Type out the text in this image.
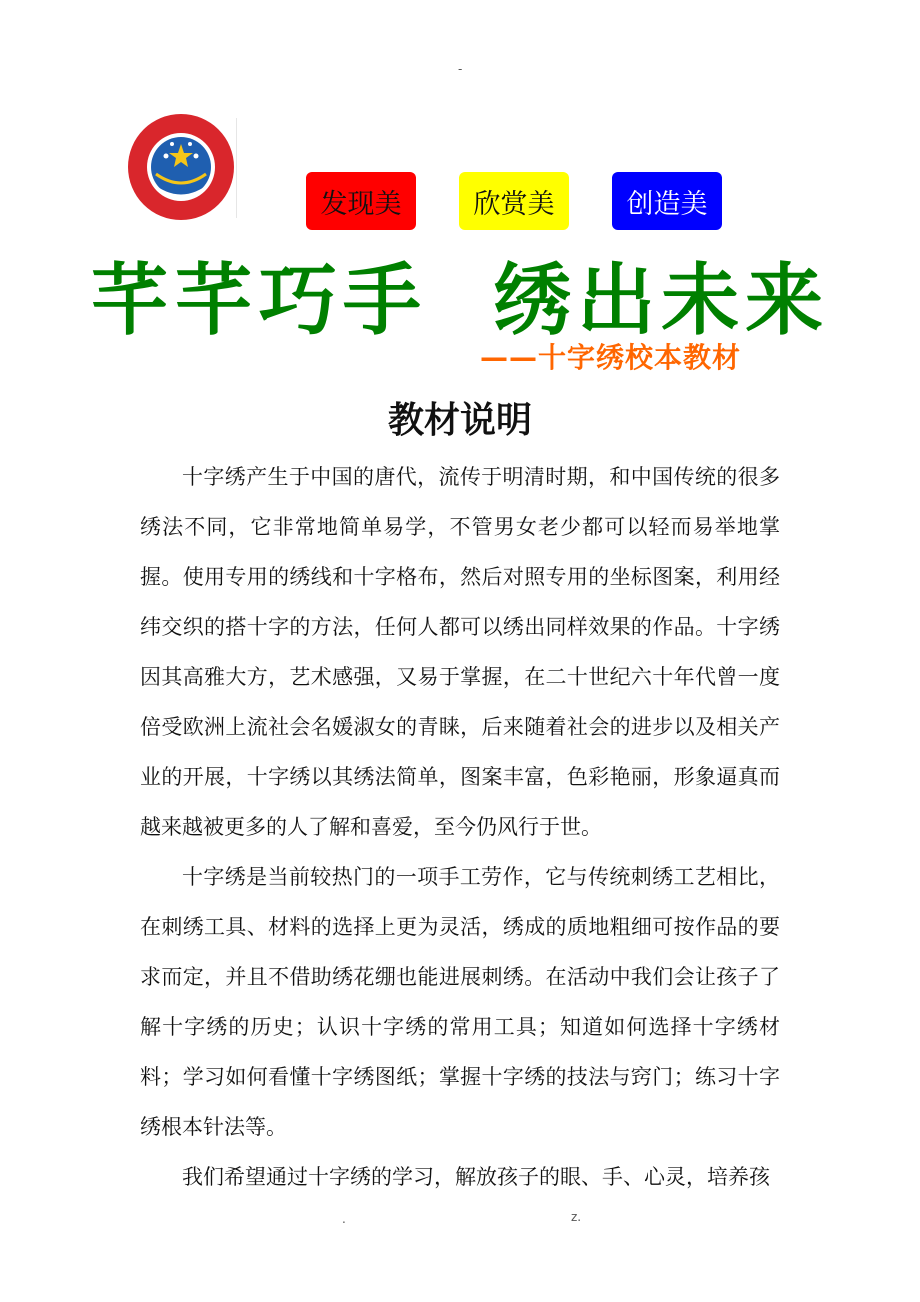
-
1996
发现美	欣赏美	创造美
芊芊巧手  绣出未来
——十字绣校本教材
教材说明

十字绣产生于中国的唐代，流传于明清时期，和中国传统的很多绣法不同，它非常地简单易学，不管男女老少都可以轻而易举地掌握。使用专用的绣线和十字格布，然后对照专用的坐标图案，利用经纬交织的搭十字的方法，任何人都可以绣出同样效果的作品。十字绣因其高雅大方，艺术感强，又易于掌握，在二十世纪六十年代曾一度倍受欧洲上流社会名媛淑女的青睐，后来随着社会的进步以及相关产业的开展，十字绣以其绣法简单，图案丰富，色彩艳丽，形象逼真而越来越被更多的人了解和喜爱，至今仍风行于世。

十字绣是当前较热门的一项手工劳作，它与传统刺绣工艺相比，在刺绣工具、材料的选择上更为灵活，绣成的质地粗细可按作品的要求而定，并且不借助绣花绷也能进展刺绣。在活动中我们会让孩子了解十字绣的历史；认识十字绣的常用工具；知道如何选择十字绣材料；学习如何看懂十字绣图纸；掌握十字绣的技法与窍门；练习十字绣根本针法等。

我们希望通过十字绣的学习，解放孩子的眼、手、心灵，培养孩

.	z.
